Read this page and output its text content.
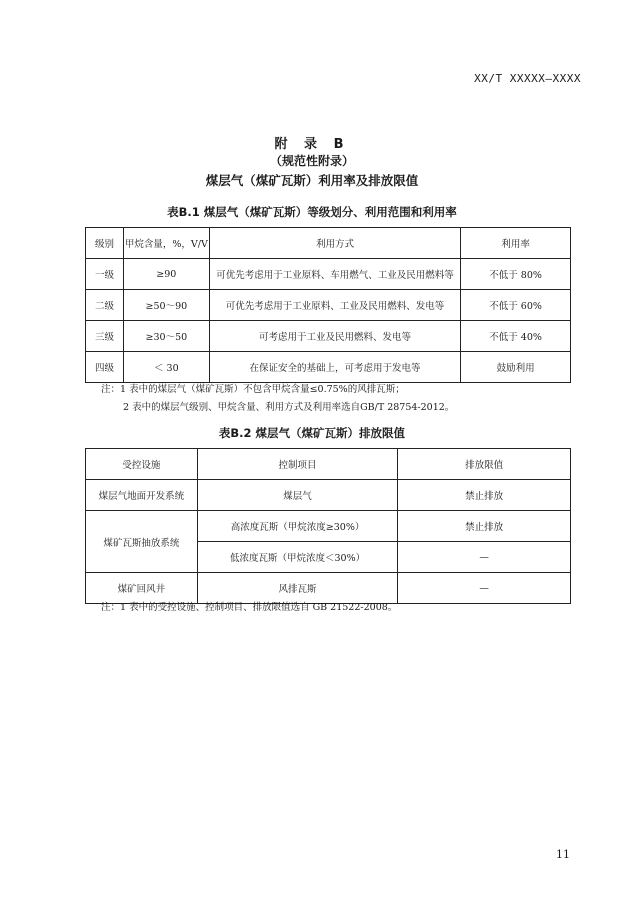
XX/T XXXXX—XXXX
附 录 B
（规范性附录）
煤层气（煤矿瓦斯）利用率及排放限值
表B.1 煤层气（煤矿瓦斯）等级划分、利用范围和利用率
级别	甲烷含量，%，V/V	利用方式	利用率
一级	≥90	可优先考虑用于工业原料、车用燃气、工业及民用燃料等	不低于 80%
二级	≥50～90	可优先考虑用于工业原料、工业及民用燃料、发电等	不低于 60%
三级	≥30～50	可考虑用于工业及民用燃料、发电等	不低于 40%
四级	＜ 30	在保证安全的基础上，可考虑用于发电等	鼓励利用
注：1 表中的煤层气（煤矿瓦斯）不包含甲烷含量≤0.75%的风排瓦斯；
2 表中的煤层气级别、甲烷含量、利用方式及利用率选自GB/T 28754-2012。
表B.2 煤层气（煤矿瓦斯）排放限值
受控设施	控制项目	排放限值
煤层气地面开发系统	煤层气	禁止排放
煤矿瓦斯抽放系统	高浓度瓦斯（甲烷浓度≥30%）	禁止排放
	低浓度瓦斯（甲烷浓度＜30%）	—
煤矿回风井	风排瓦斯	—
注：1 表中的受控设施、控制项目、排放限值选自 GB 21522-2008。
11
